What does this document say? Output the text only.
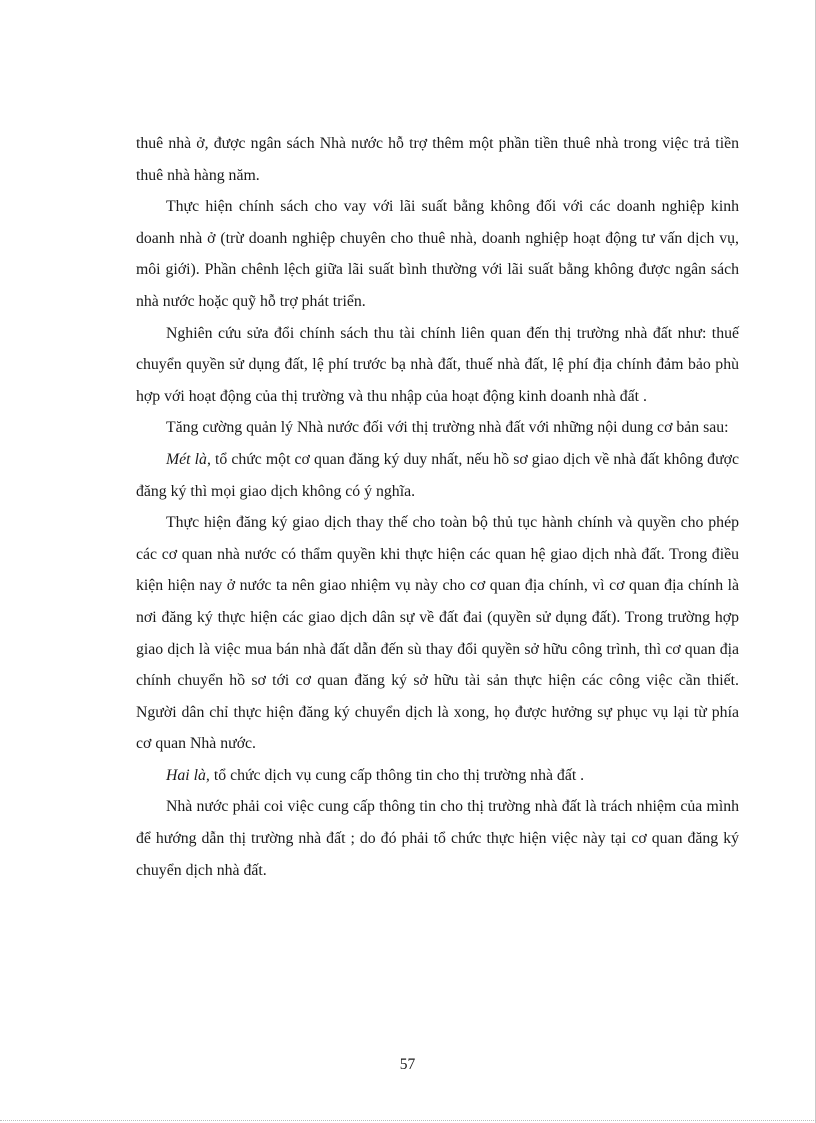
thuê nhà ở, được ngân sách Nhà nước hỗ trợ thêm một phần tiền thuê nhà trong việc trả tiền thuê nhà hàng năm.

Thực hiện chính sách cho vay với lãi suất bằng không đối với các doanh nghiệp kinh doanh nhà ở (trừ doanh nghiệp chuyên cho thuê nhà, doanh nghiệp hoạt động tư vấn dịch vụ, môi giới). Phần chênh lệch giữa lãi suất bình thường với lãi suất bằng không được ngân sách nhà nước hoặc quỹ hỗ trợ phát triển.

Nghiên cứu sửa đổi chính sách thu tài chính liên quan đến thị trường nhà đất như: thuế chuyển quyền sử dụng đất, lệ phí trước bạ nhà đất, thuế nhà đất, lệ phí địa chính đảm bảo phù hợp với hoạt động của thị trường và thu nhập của hoạt động kinh doanh nhà đất .

Tăng cường quản lý Nhà nước đối với thị trường nhà đất với những nội dung cơ bản sau:

Mét là, tổ chức một cơ quan đăng ký duy nhất, nếu hồ sơ giao dịch về nhà đất không được đăng ký thì mọi giao dịch không có ý nghĩa.

Thực hiện đăng ký giao dịch thay thế cho toàn bộ thủ tục hành chính và quyền cho phép các cơ quan nhà nước có thẩm quyền khi thực hiện các quan hệ giao dịch nhà đất. Trong điều kiện hiện nay ở nước ta nên giao nhiệm vụ này cho cơ quan địa chính, vì cơ quan địa chính là nơi đăng ký thực hiện các giao dịch dân sự về đất đai (quyền sử dụng đất). Trong trường hợp giao dịch là việc mua bán nhà đất dẫn đến sù thay đổi quyền sở hữu công trình, thì cơ quan địa chính chuyển hồ sơ tới cơ quan đăng ký sở hữu tài sản thực hiện các công việc cần thiết. Người dân chỉ thực hiện đăng ký chuyển dịch là xong, họ được hưởng sự phục vụ lại từ phía cơ quan Nhà nước.

Hai là, tổ chức dịch vụ cung cấp thông tin cho thị trường nhà đất .

Nhà nước phải coi việc cung cấp thông tin cho thị trường nhà đất là trách nhiệm của mình để hướng dẫn thị trường nhà đất ; do đó phải tổ chức thực hiện việc này tại cơ quan đăng ký chuyển dịch nhà đất.

57
